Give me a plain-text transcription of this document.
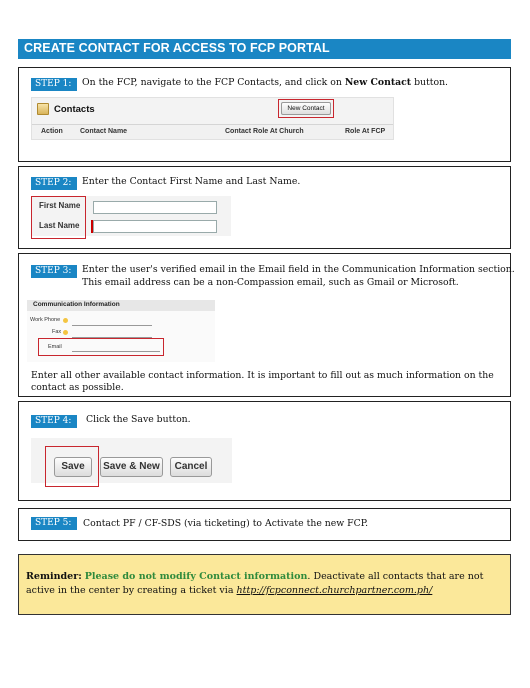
CREATE CONTACT FOR ACCESS TO FCP PORTAL
STEP 1:	On the FCP, navigate to the FCP Contacts, and click on New Contact button.
Contacts	New Contact
Action Contact Name	Contact Role At Church	Role At FCP
STEP 2:	Enter the Contact First Name and Last Name.
First Name
Last Name
STEP 3:	Enter the user's verified email in the Email field in the Communication Information section.
This email address can be a non-Compassion email, such as Gmail or Microsoft.
Communication Information
Work Phone
Fax
Email
Enter all other available contact information. It is important to fill out as much information on the
contact as possible.
STEP 4:	Click the Save button.
Save	Save & New	Cancel
STEP 5:	Contact PF / CF-SDS (via ticketing) to Activate the new FCP.
Reminder: Please do not modify Contact information. Deactivate all contacts that are not
active in the center by creating a ticket via http://fcpconnect.churchpartner.com.ph/
